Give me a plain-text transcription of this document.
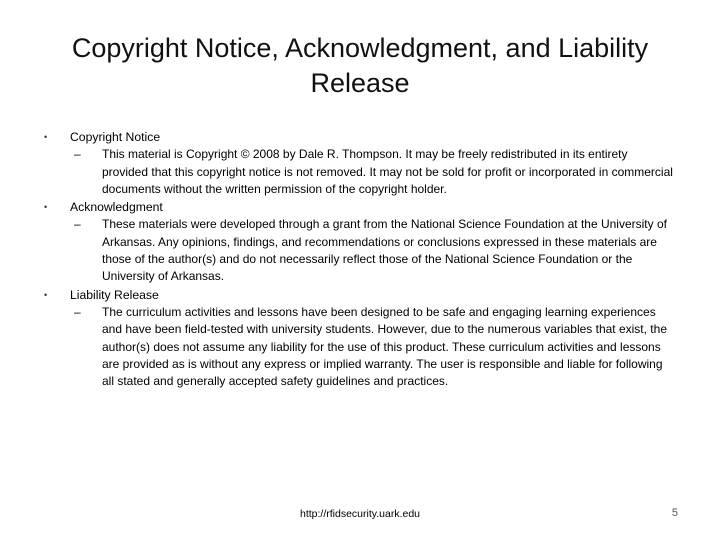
Copyright Notice, Acknowledgment, and Liability Release
•	Copyright Notice
– This material is Copyright © 2008 by Dale R. Thompson. It may be freely redistributed in its entirety provided that this copyright notice is not removed. It may not be sold for profit or incorporated in commercial documents without the written permission of the copyright holder.
•	Acknowledgment
– These materials were developed through a grant from the National Science Foundation at the University of Arkansas. Any opinions, findings, and recommendations or conclusions expressed in these materials are those of the author(s) and do not necessarily reflect those of the National Science Foundation or the University of Arkansas.
•	Liability Release
– The curriculum activities and lessons have been designed to be safe and engaging learning experiences and have been field-tested with university students. However, due to the numerous variables that exist, the author(s) does not assume any liability for the use of this product. These curriculum activities and lessons are provided as is without any express or implied warranty. The user is responsible and liable for following all stated and generally accepted safety guidelines and practices.
http://rfidsecurity.uark.edu	5
